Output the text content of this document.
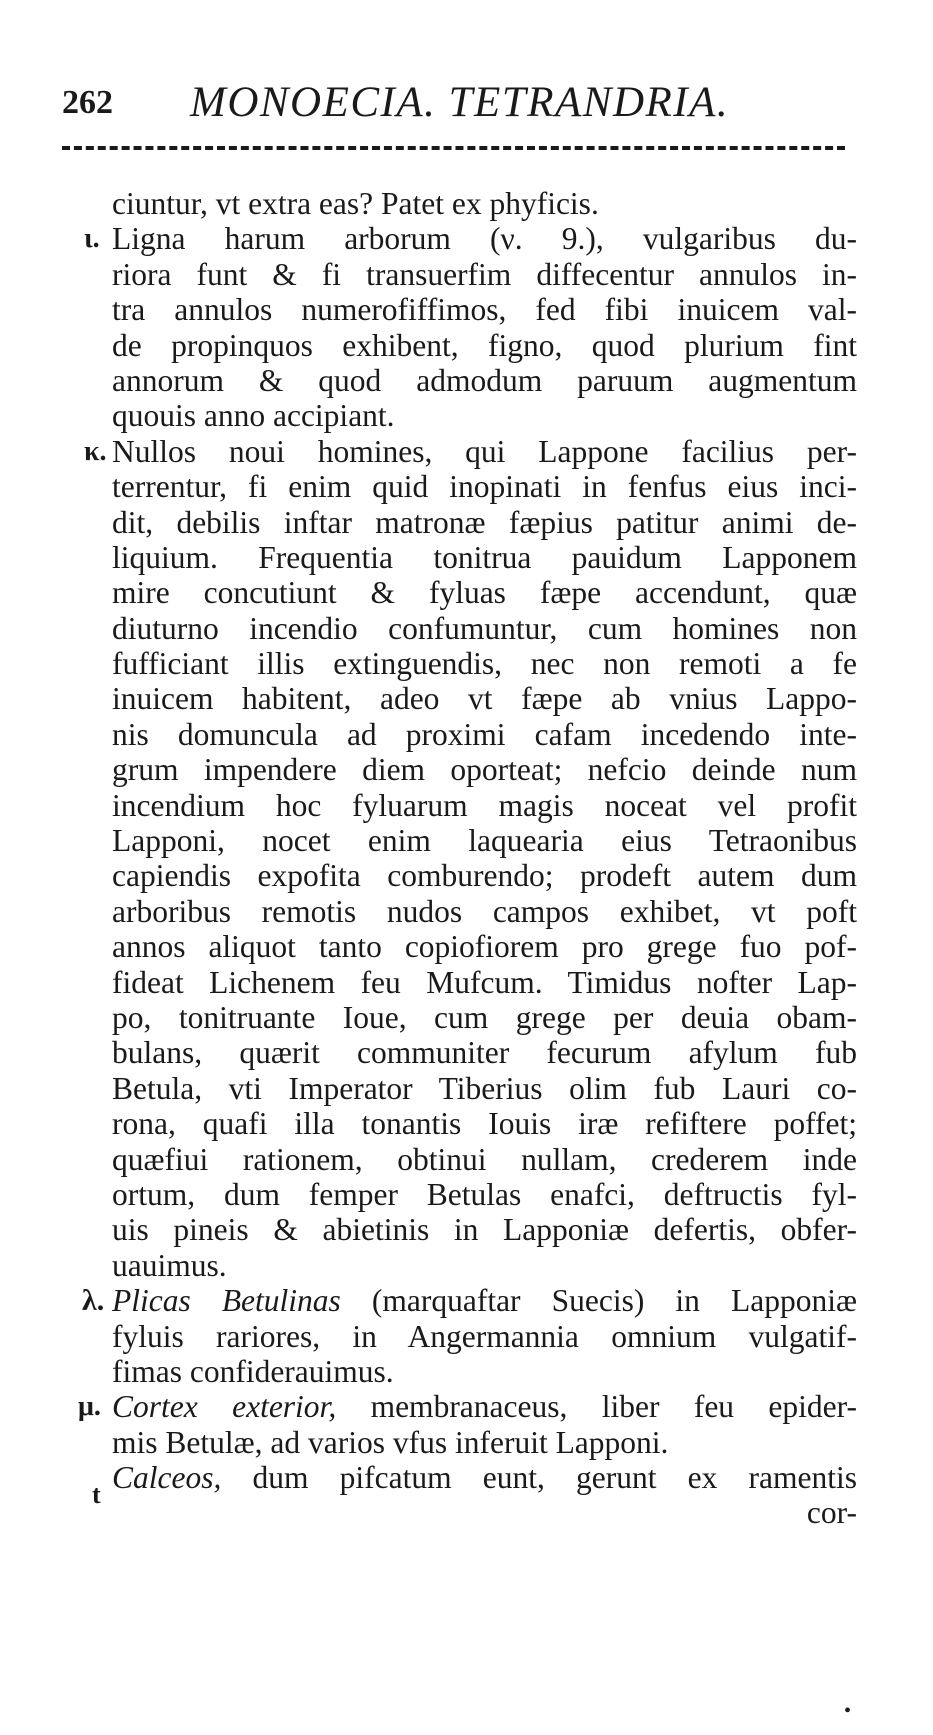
262 MONOECIA. TETRANDRIA.
ciuntur, vt extra eas? Patet ex phyficis.
ι. Ligna harum arborum (ν. 9.), vulgaribus du-
riora funt & fi transuerfim diffecentur annulos in-
tra annulos numerofiffimos, fed fibi inuicem val-
de propinquos exhibent, figno, quod plurium fint
annorum & quod admodum paruum augmentum
quouis anno accipiant.
κ. Nullos noui homines, qui Lappone facilius per-
terrentur, fi enim quid inopinati in fenfus eius inci-
dit, debilis inftar matronæ fæpius patitur animi de-
liquium. Frequentia tonitrua pauidum Lapponem
mire concutiunt & fyluas fæpe accendunt, quæ
diuturno incendio confumuntur, cum homines non
fufficiant illis extinguendis, nec non remoti a fe
inuicem habitent, adeo vt fæpe ab vnius Lappo-
nis domuncula ad proximi cafam incedendo inte-
grum impendere diem oporteat; nefcio deinde num
incendium hoc fyluarum magis noceat vel profit
Lapponi, nocet enim laquearia eius Tetraonibus
capiendis expofita comburendo; prodeft autem dum
arboribus remotis nudos campos exhibet, vt poft
annos aliquot tanto copiofiorem pro grege fuo pof-
fideat Lichenem feu Mufcum. Timidus nofter Lap-
po, tonitruante Ioue, cum grege per deuia obam-
bulans, quærit communiter fecurum afylum fub
Betula, vti Imperator Tiberius olim fub Lauri co-
rona, quafi illa tonantis Iouis iræ refiftere poffet;
quæfiui rationem, obtinui nullam, crederem inde
ortum, dum femper Betulas enafci, deftructis fyl-
uis pineis & abietinis in Lapponiæ defertis, obfer-
uauimus.
λ. Plicas Betulinas (marquaftar Suecis) in Lapponiæ
fyluis rariores, in Angermannia omnium vulgatif-
fimas confiderauimus.
μ. Cortex exterior, membranaceus, liber feu epider-
mis Betulæ, ad varios vfus inferuit Lapponi.
Calceos, dum pifcatum eunt, gerunt ex ramentis
cor-
t
•
